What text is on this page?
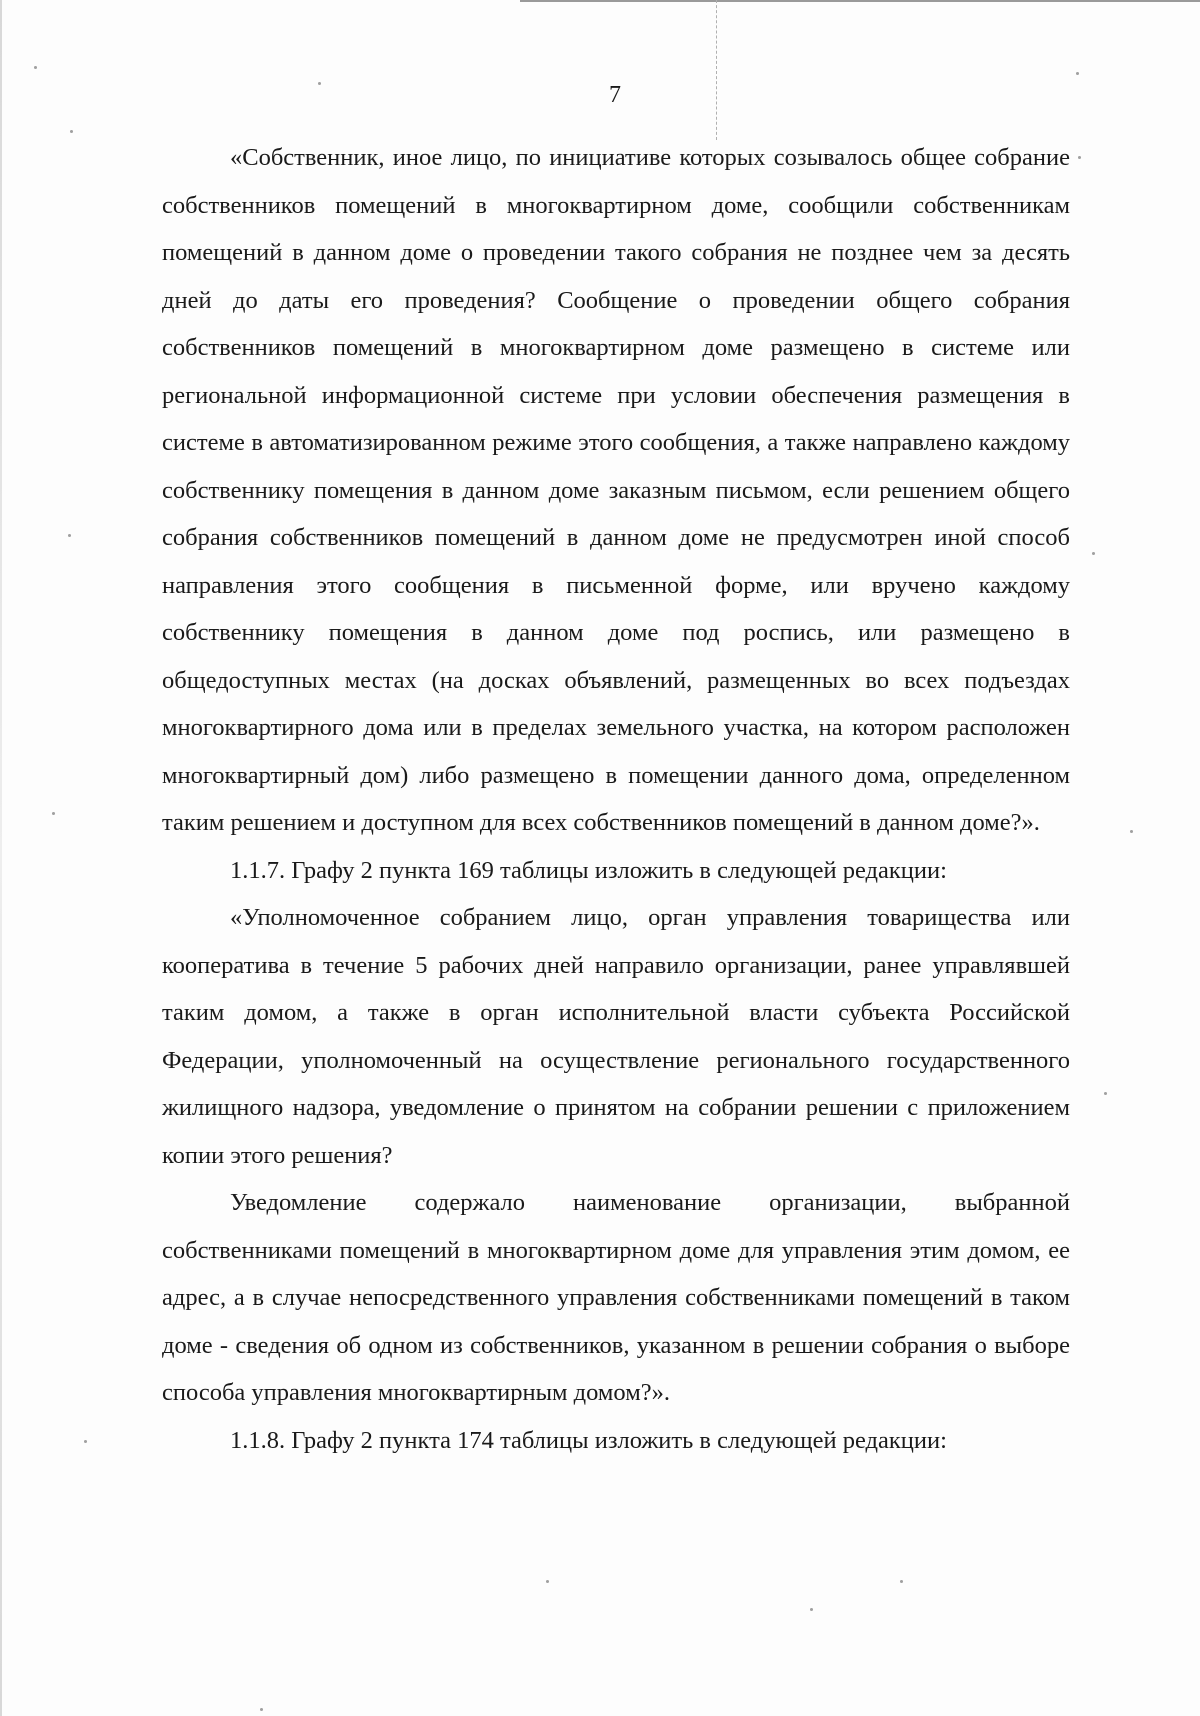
7

«Собственник, иное лицо, по инициативе которых созывалось общее собрание собственников помещений в многоквартирном доме, сообщили собственникам помещений в данном доме о проведении такого собрания не позднее чем за десять дней до даты его проведения? Сообщение о проведении общего собрания собственников помещений в многоквартирном доме размещено в системе или региональной информационной системе при условии обеспечения размещения в системе в автоматизированном режиме этого сообщения, а также направлено каждому собственнику помещения в данном доме заказным письмом, если решением общего собрания собственников помещений в данном доме не предусмотрен иной способ направления этого сообщения в письменной форме, или вручено каждому собственнику помещения в данном доме под роспись, или размещено в общедоступных местах (на досках объявлений, размещенных во всех подъездах многоквартирного дома или в пределах земельного участка, на котором расположен многоквартирный дом) либо размещено в помещении данного дома, определенном таким решением и доступном для всех собственников помещений в данном доме?».

1.1.7. Графу 2 пункта 169 таблицы изложить в следующей редакции:

«Уполномоченное собранием лицо, орган управления товарищества или кооператива в течение 5 рабочих дней направило организации, ранее управлявшей таким домом, а также в орган исполнительной власти субъекта Российской Федерации, уполномоченный на осуществление регионального государственного жилищного надзора, уведомление о принятом на собрании решении с приложением копии этого решения?

Уведомление содержало наименование организации, выбранной собственниками помещений в многоквартирном доме для управления этим домом, ее адрес, а в случае непосредственного управления собственниками помещений в таком доме - сведения об одном из собственников, указанном в решении собрания о выборе способа управления многоквартирным домом?».

1.1.8. Графу 2 пункта 174 таблицы изложить в следующей редакции:
